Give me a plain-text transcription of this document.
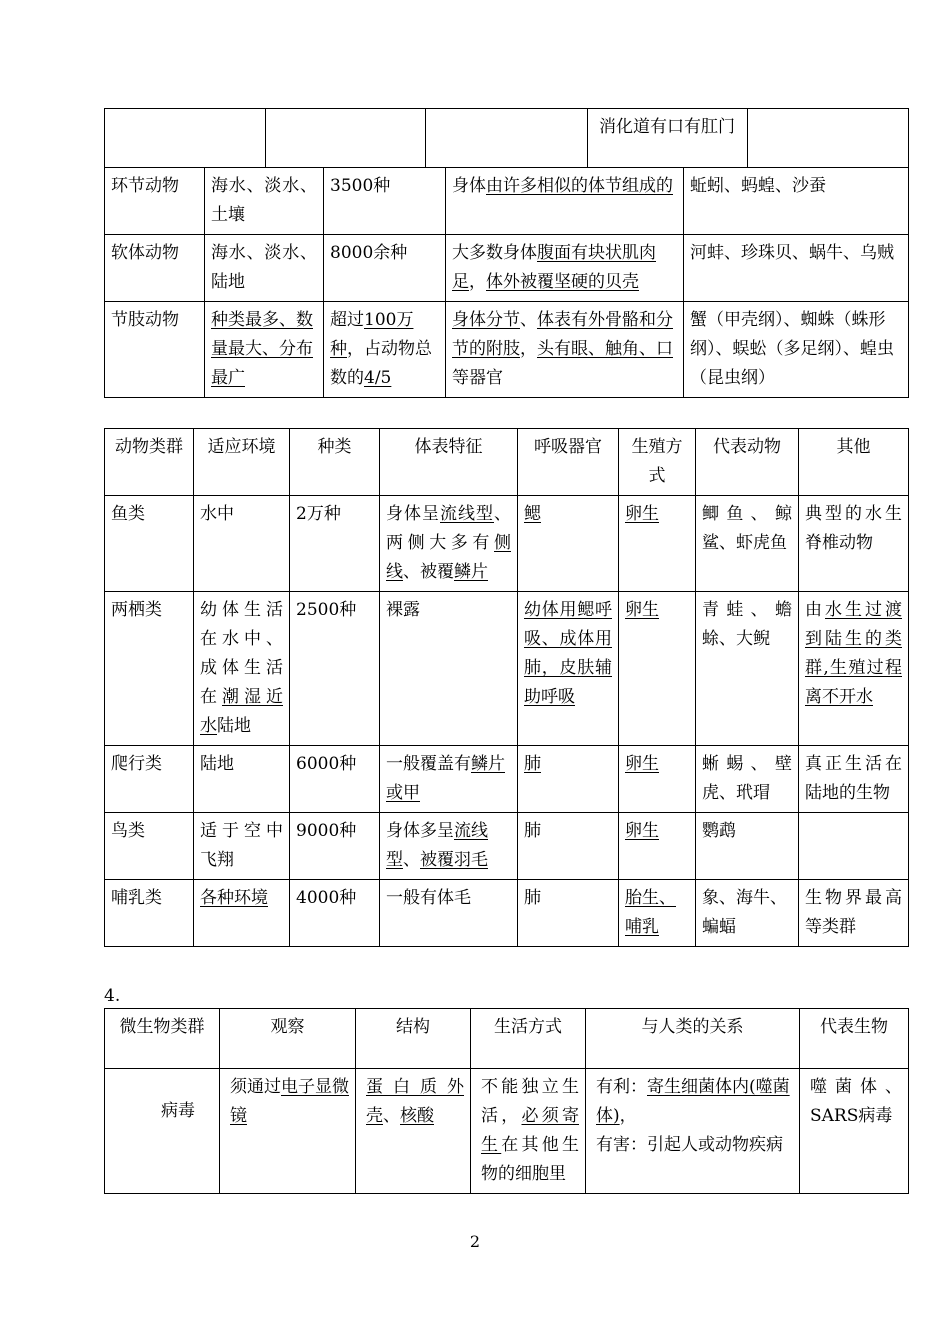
			消化道有口有肛门	

环节动物	海水、淡水、土壤	3500种	身体由许多相似的体节组成的	蚯蚓、蚂蝗、沙蚕
软体动物	海水、淡水、陆地	8000余种	大多数身体腹面有块状肌肉足，体外被覆坚硬的贝壳	河蚌、珍珠贝、蜗牛、乌贼
节肢动物	种类最多、数量最大、分布最广	超过100万种，占动物总数的4/5	身体分节、体表有外骨骼和分节的附肢，头有眼、触角、口等器官	蟹（甲壳纲）、蜘蛛（蛛形纲）、蜈蚣（多足纲）、蝗虫（昆虫纲）
动物类群	适应环境	种类	体表特征	呼吸器官	生殖方式	代表动物	其他
鱼类	水中	2万种	身体呈流线型、两侧大多有侧线、被覆鳞片	鳃	卵生	鲫鱼、鲸鲨、虾虎鱼	典型的水生脊椎动物
两栖类	幼体生活在水中、成体生活在潮湿近水陆地	2500种	裸露	幼体用鳃呼吸、成体用肺，皮肤辅助呼吸	卵生	青蛙、蟾蜍、大鲵	由水生过渡到陆生的类群,生殖过程离不开水
爬行类	陆地	6000种	一般覆盖有鳞片或甲	肺	卵生	蜥蜴、壁虎、玳瑁	真正生活在陆地的生物
鸟类	适于空中飞翔	9000种	身体多呈流线型、被覆羽毛	肺	卵生	鹦鹉	
哺乳类	各种环境	4000种	一般有体毛	肺	胎生、哺乳	象、海牛、蝙蝠	生物界最高等类群
4.
微生物类群	观察	结构	生活方式	与人类的关系	代表生物
病毒	须通过电子显微镜	蛋白质外壳、核酸	不能独立生活，必须寄生在其他生物的细胞里	有利：寄生细菌体内(噬菌体)，
有害：引起人或动物疾病	噬菌体、SARS病毒
2
